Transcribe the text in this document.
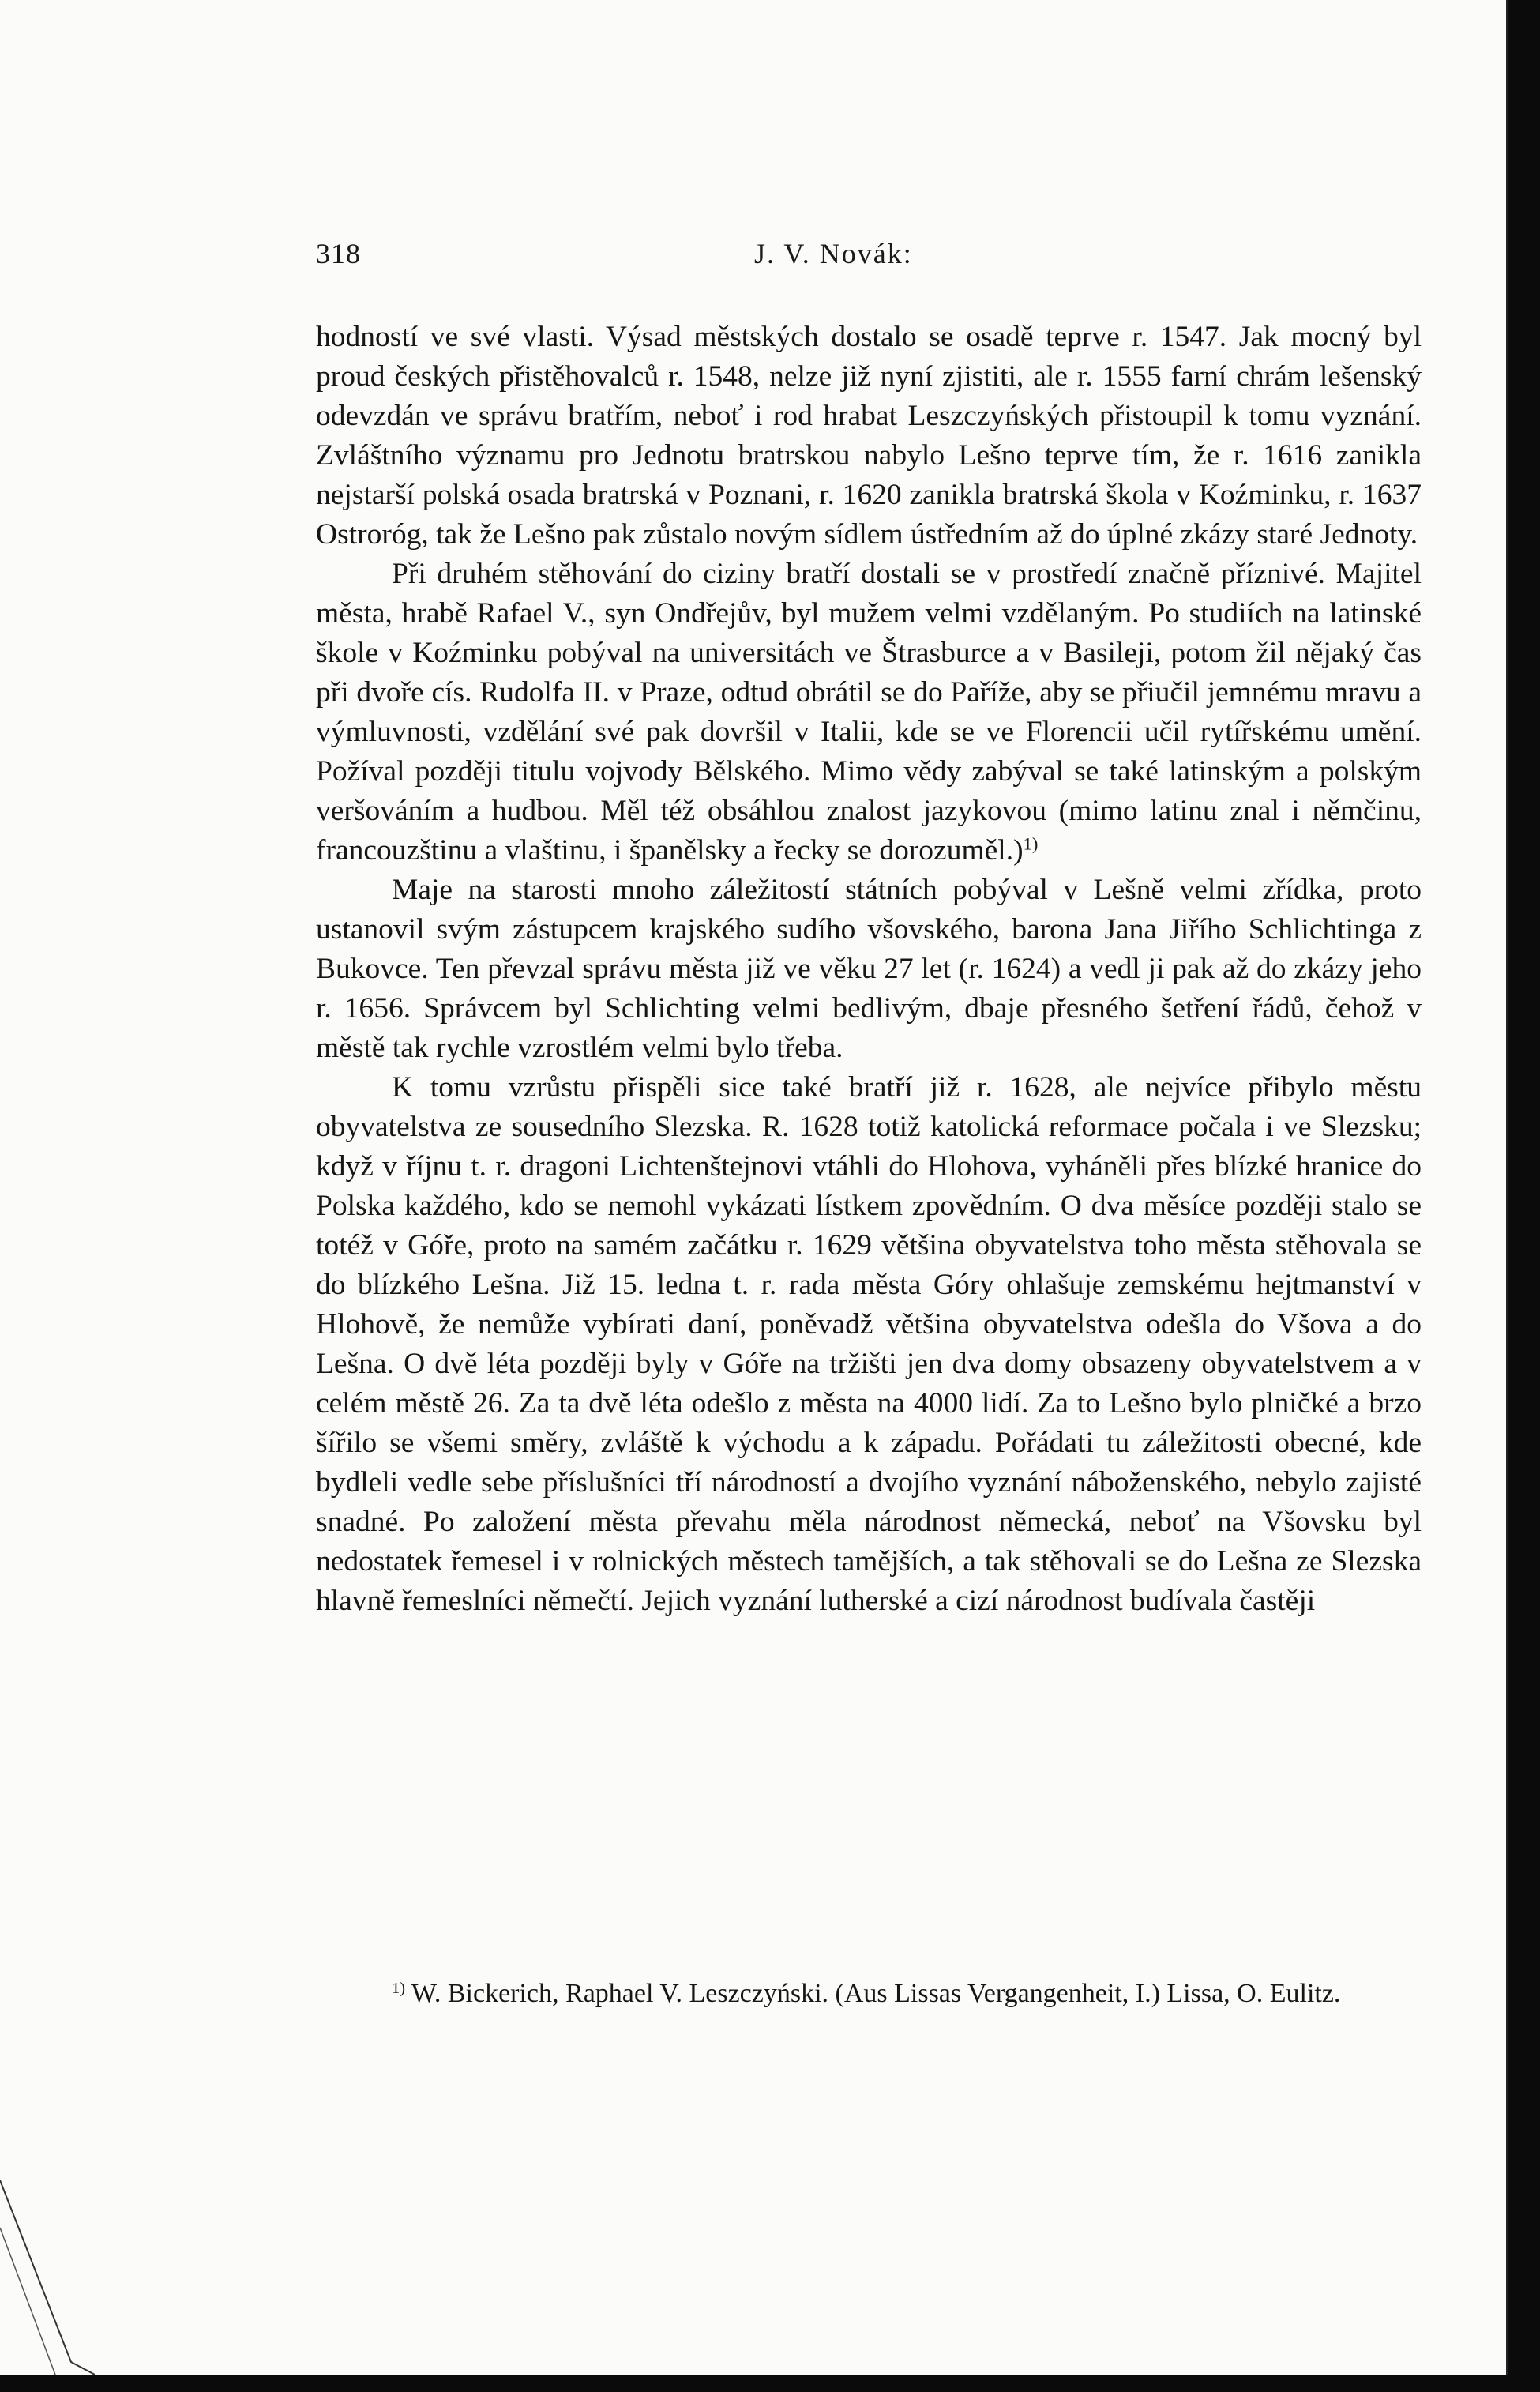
318	J. V. Novák:

hodností ve své vlasti. Výsad městských dostalo se osadě teprve r. 1547. Jak mocný byl proud českých přistěhovalců r. 1548, nelze již nyní zjistiti, ale r. 1555 farní chrám lešenský odevzdán ve správu bratřím, neboť i rod hrabat Leszczyńských přistoupil k tomu vyznání. Zvláštního významu pro Jednotu bratrskou nabylo Lešno teprve tím, že r. 1616 zanikla nejstarší polská osada bratrská v Poznani, r. 1620 zanikla bratrská škola v Koźminku, r. 1637 Ostroróg, tak že Lešno pak zůstalo novým sídlem ústředním až do úplné zkázy staré Jednoty.

Při druhém stěhování do ciziny bratří dostali se v prostředí značně příznivé. Majitel města, hrabě Rafael V., syn Ondřejův, byl mužem velmi vzdělaným. Po studiích na latinské škole v Koźminku pobýval na universitách ve Štrasburce a v Basileji, potom žil nějaký čas při dvoře cís. Rudolfa II. v Praze, odtud obrátil se do Paříže, aby se přiučil jemnému mravu a výmluvnosti, vzdělání své pak dovršil v Italii, kde se ve Florencii učil rytířskému umění. Požíval později titulu vojvody Bělského. Mimo vědy zabýval se také latinským a polským veršováním a hudbou. Měl též obsáhlou znalost jazykovou (mimo latinu znal i němčinu, francouzštinu a vlaštinu, i španělsky a řecky se dorozuměl.)$^{1)}$

Maje na starosti mnoho záležitostí státních pobýval v Lešně velmi zřídka, proto ustanovil svým zástupcem krajského sudího všovského, barona Jana Jiřího Schlichtinga z Bukovce. Ten převzal správu města již ve věku 27 let (r. 1624) a vedl ji pak až do zkázy jeho r. 1656. Správcem byl Schlichting velmi bedlivým, dbaje přesného šetření řádů, čehož v městě tak rychle vzrostlém velmi bylo třeba.

K tomu vzrůstu přispěli sice také bratří již r. 1628, ale nejvíce přibylo městu obyvatelstva ze sousedního Slezska. R. 1628 totiž katolická reformace počala i ve Slezsku; když v říjnu t. r. dragoni Lichtenštejnovi vtáhli do Hlohova, vyháněli přes blízké hranice do Polska každého, kdo se nemohl vykázati lístkem zpovědním. O dva měsíce později stalo se totéž v Góře, proto na samém začátku r. 1629 většina obyvatelstva toho města stěhovala se do blízkého Lešna. Již 15. ledna t. r. rada města Góry ohlašuje zemskému hejtmanství v Hlohově, že nemůže vybírati daní, poněvadž většina obyvatelstva odešla do Všova a do Lešna. O dvě léta později byly v Góře na tržišti jen dva domy obsazeny obyvatelstvem a v celém městě 26. Za ta dvě léta odešlo z města na 4000 lidí. Za to Lešno bylo plničké a brzo šířilo se všemi směry, zvláště k východu a k západu. Pořádati tu záležitosti obecné, kde bydleli vedle sebe příslušníci tří národností a dvojího vyznání náboženského, nebylo zajisté snadné. Po založení města převahu měla národnost německá, neboť na Všovsku byl nedostatek řemesel i v rolnických městech tamějších, a tak stěhovali se do Lešna ze Slezska hlavně řemeslníci němečtí. Jejich vyznání lutherské a cizí národnost budívala častěji

$^{1)}$ W. Bickerich, Raphael V. Leszczyński. (Aus Lissas Vergangenheit, I.) Lissa, O. Eulitz.
